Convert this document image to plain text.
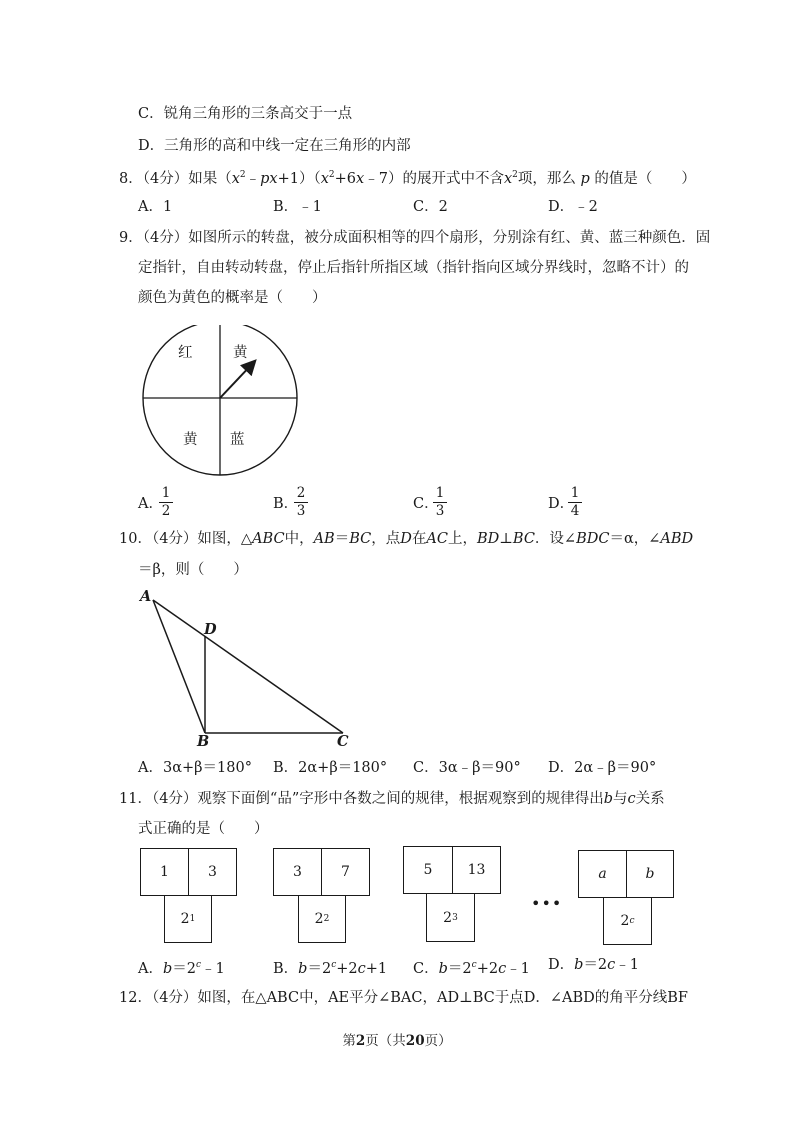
C．锐角三角形的三条高交于一点
D．三角形的高和中线一定在三角形的内部
8．（4分）如果$(x^2﹣px+1)(x^2+6x﹣7)$的展开式中不含$x^2$项，那么 p 的值是（　　）
A．1	B．﹣1	C．2	D．﹣2
9．（4分）如图所示的转盘，被分成面积相等的四个扇形，分别涂有红、黄、蓝三种颜色．固
定指针，自由转动转盘，停止后指针所指区域（指针指向区域分界线时，忽略不计）的
颜色为黄色的概率是（　　）
红	黄
黄 蓝
A．
1
2	B．
2
3	C．
1
3	D．
1
4
10．（4分）如图，△ABC中，AB＝BC，点D在AC上，BD⊥BC．设∠BDC＝α，∠ABD
＝β，则（　　）
A
D
B	C
A．3α+β＝180° B．2α+β＝180° C．3α﹣β＝90° D．2α﹣β＝90°
11．（4分）观察下面倒“品”字形中各数之间的规律，根据观察到的规律得出b与c关系
式正确的是（　　）
1	3
2 1
3	7
2 2
5	13
2 3
•••
a	b
2 c
A．$b=2^c﹣1$	B．$b=2^c+2c+1$ C．$b=2^c+2c﹣1$ D．b＝2c﹣1
12．（4分）如图，在△ABC中，AE平分∠BAC，AD⊥BC于点D．∠ABD的角平分线BF
第2页（共20页）
